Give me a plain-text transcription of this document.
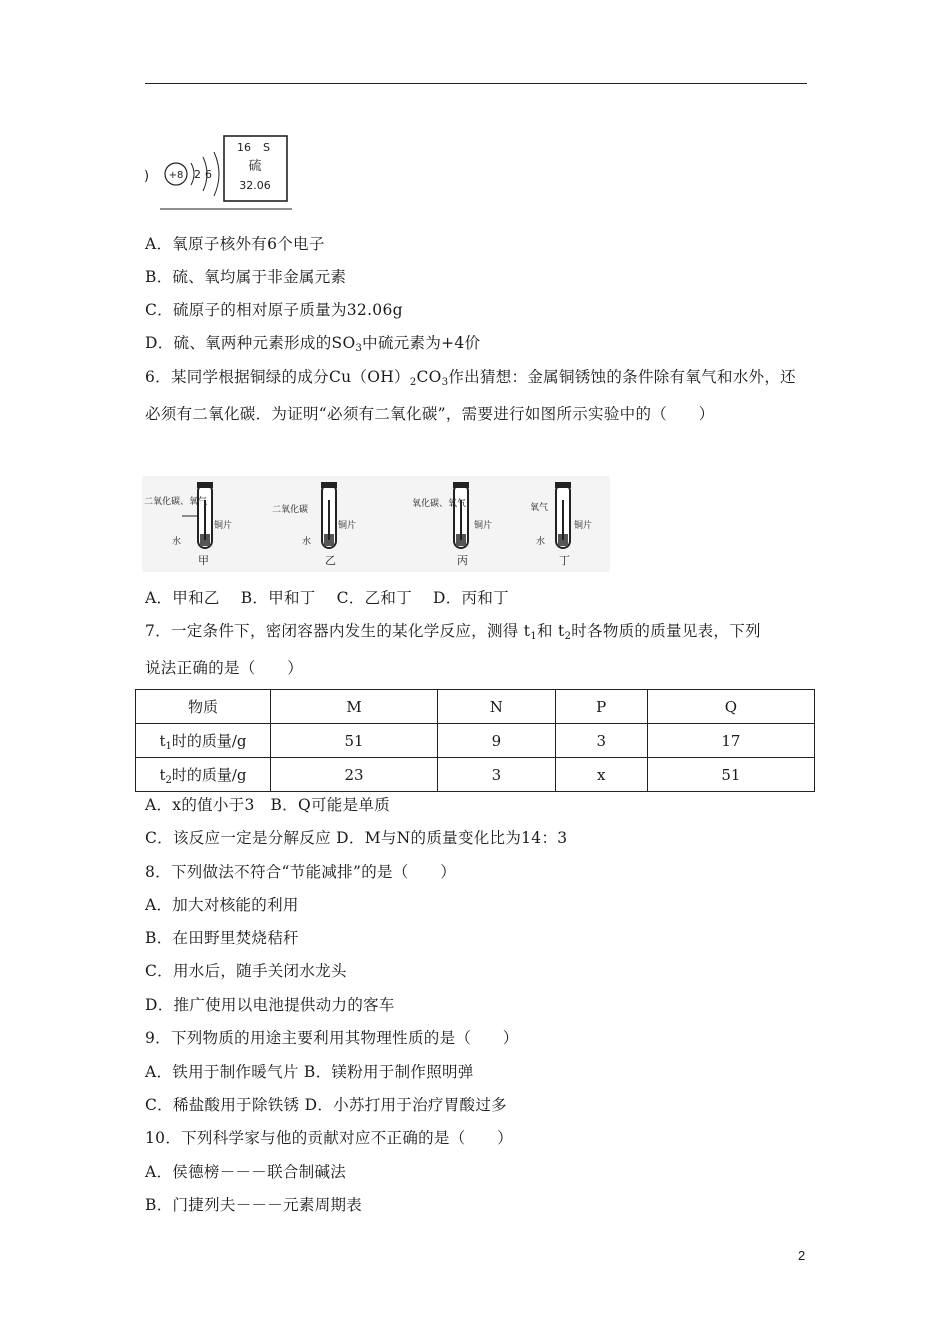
) +8 2 6
16 S
硫
32.06
A．氧原子核外有6个电子
B．硫、氧均属于非金属元素
C．硫原子的相对原子质量为32.06g
D．硫、氧两种元素形成的$SO_3$中硫元素为+4价
6．某同学根据铜绿的成分$Cu(OH)_2CO_3$作出猜想：金属铜锈蚀的条件除有氧气和水外，还
必须有二氧化碳．为证明“必须有二氧化碳”，需要进行如图所示实验中的（　　）
二氧化碳、氧气
铜片
水
甲
二氧化碳
铜片
水
乙
氧化碳、氧气
铜片
丙
氧气
铜片
水
丁
A．甲和乙　 B．甲和丁　 C．乙和丁　 D．丙和丁
7．一定条件下，密闭容器内发生的某化学反应，测得 $t_1$和 $t_2$时各物质的质量见表，下列
说法正确的是（　　）
物质	M	N	P	Q
$t_1$时的质量/g	51	9	3	17
$t_2$时的质量/g	23	3	x	51
A．x的值小于3　B．Q可能是单质
C．该反应一定是分解反应 D．M与N的质量变化比为14：3
8．下列做法不符合“节能减排”的是（　　）
A．加大对核能的利用
B．在田野里焚烧秸秆
C．用水后，随手关闭水龙头
D．推广使用以电池提供动力的客车
9．下列物质的用途主要利用其物理性质的是（　　）
A．铁用于制作暖气片 B．镁粉用于制作照明弹
C．稀盐酸用于除铁锈 D．小苏打用于治疗胃酸过多
10．下列科学家与他的贡献对应不正确的是（　　）
A．侯德榜－－－联合制碱法
B．门捷列夫－－－元素周期表
2
